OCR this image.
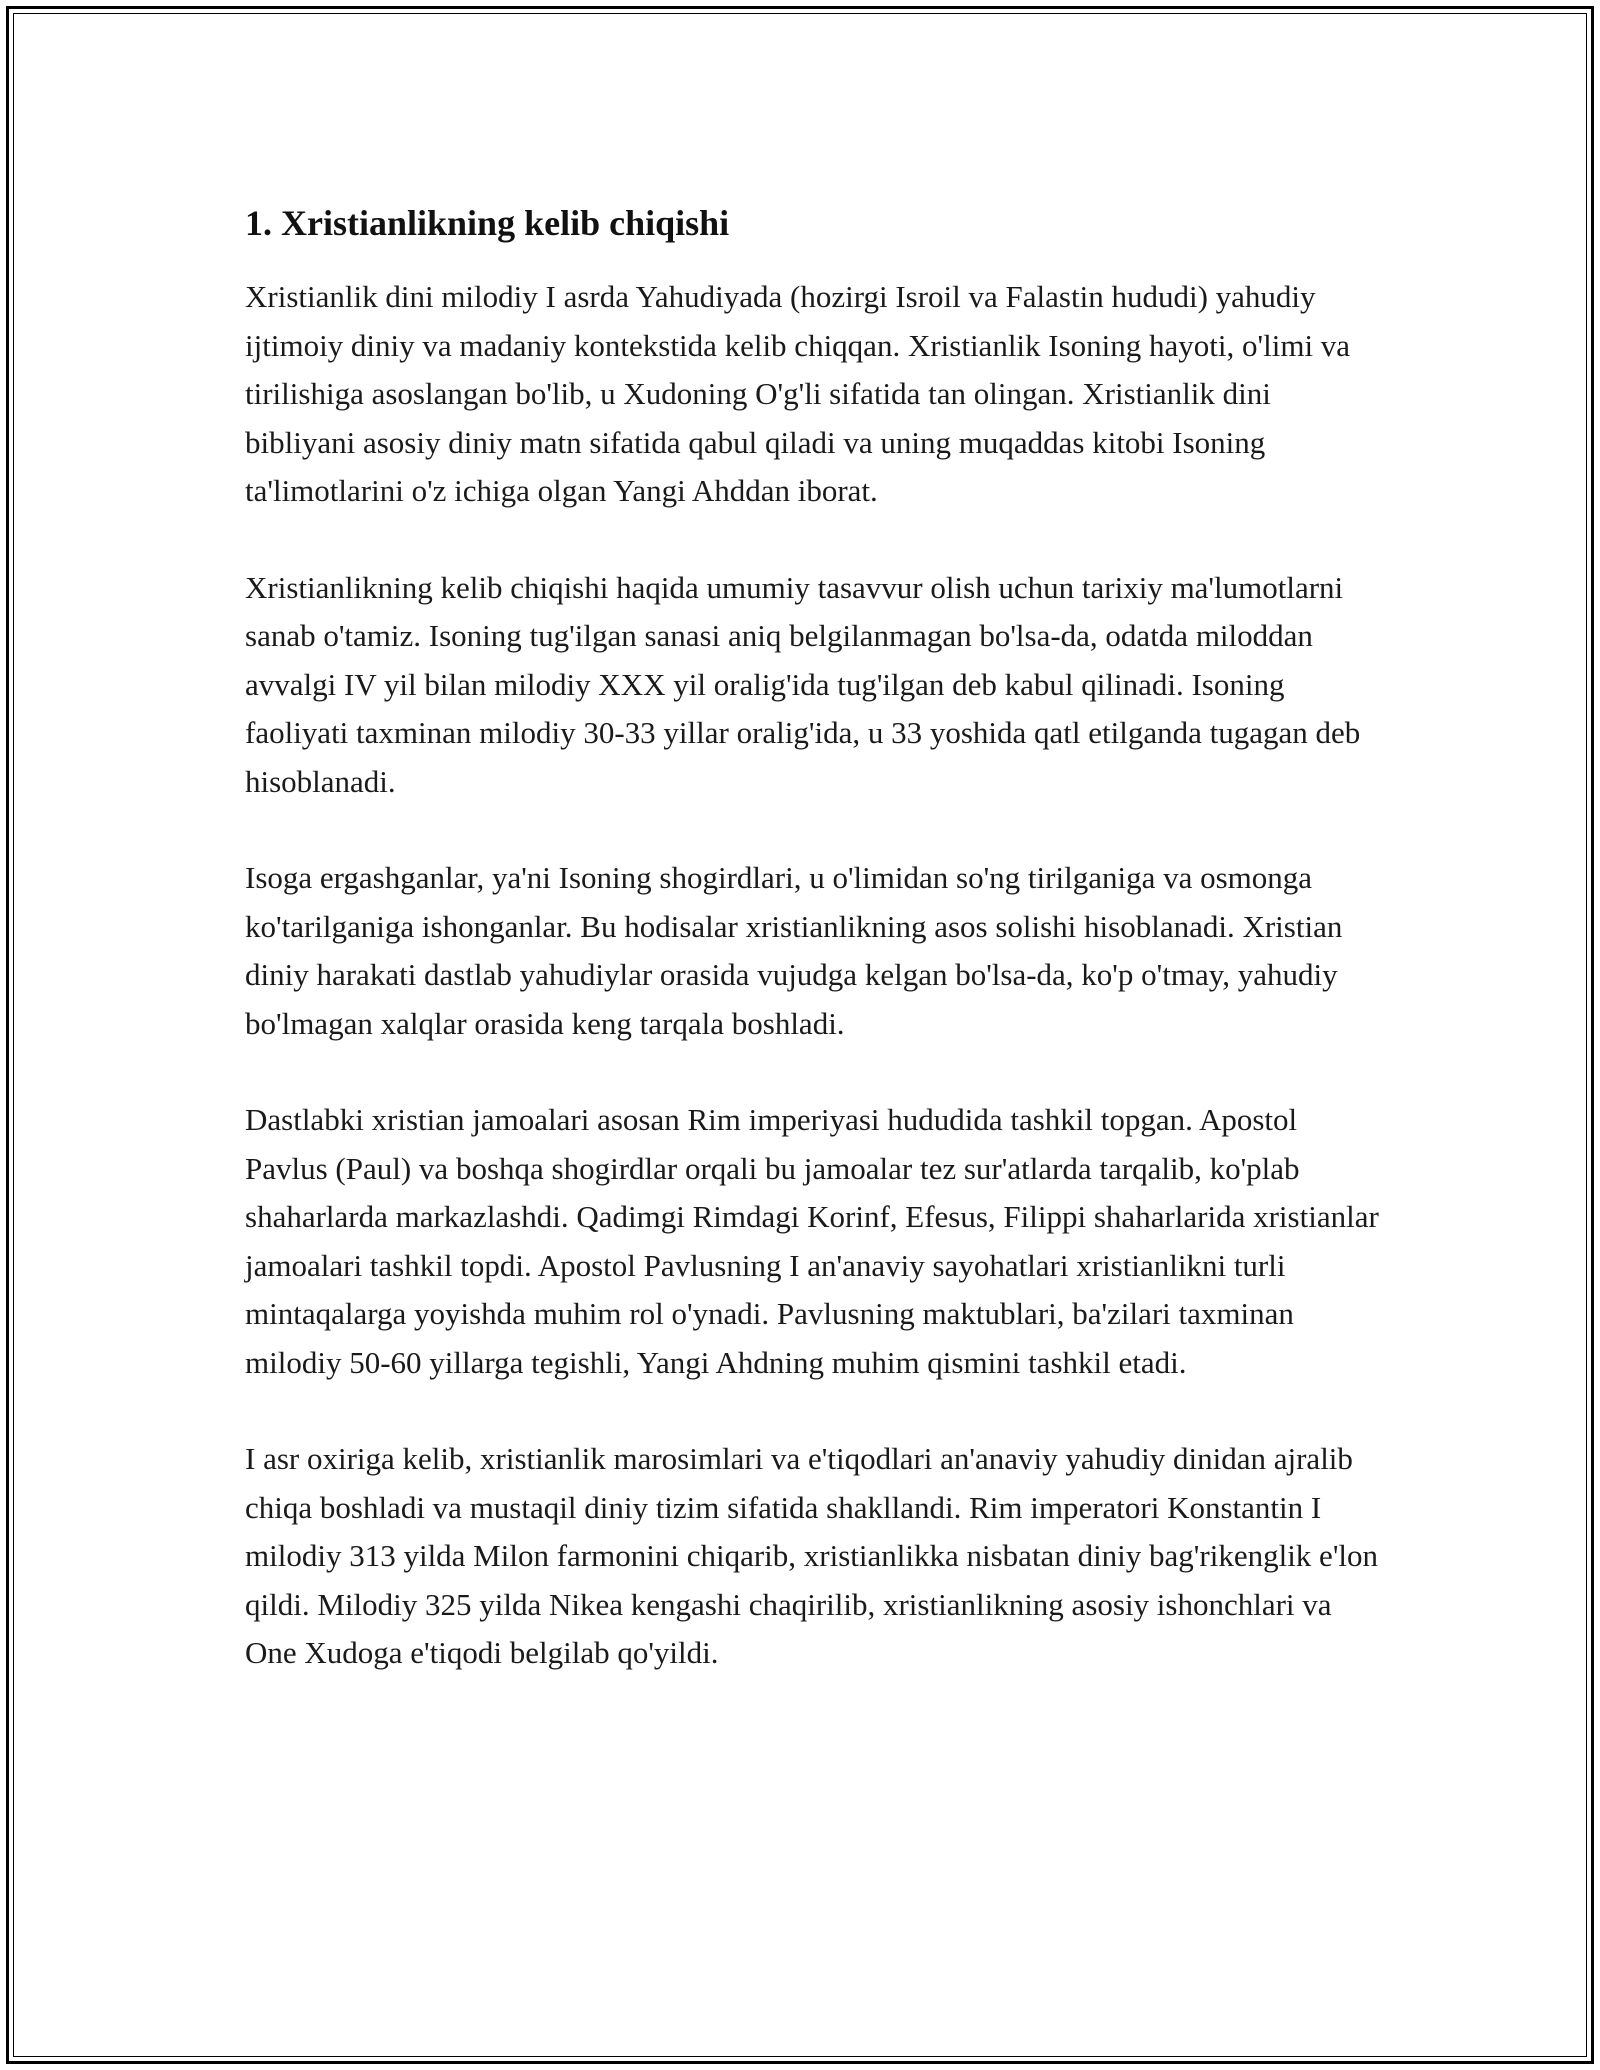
1. Xristianlikning kelib chiqishi

Xristianlik dini milodiy I asrda Yahudiyada (hozirgi Isroil va Falastin hududi) yahudiy ijtimoiy diniy va madaniy kontekstida kelib chiqqan. Xristianlik Isoning hayoti, o'limi va tirilishiga asoslangan bo'lib, u Xudoning O'g'li sifatida tan olingan. Xristianlik dini bibliyani asosiy diniy matn sifatida qabul qiladi va uning muqaddas kitobi Isoning ta'limotlarini o'z ichiga olgan Yangi Ahddan iborat.

Xristianlikning kelib chiqishi haqida umumiy tasavvur olish uchun tarixiy ma'lumotlarni sanab o'tamiz. Isoning tug'ilgan sanasi aniq belgilanmagan bo'lsa-da, odatda miloddan avvalgi IV yil bilan milodiy XXX yil oralig'ida tug'ilgan deb kabul qilinadi. Isoning faoliyati taxminan milodiy 30-33 yillar oralig'ida, u 33 yoshida qatl etilganda tugagan deb hisoblanadi.

Isoga ergashganlar, ya'ni Isoning shogirdlari, u o'limidan so'ng tirilganiga va osmonga ko'tarilganiga ishonganlar. Bu hodisalar xristianlikning asos solishi hisoblanadi. Xristian diniy harakati dastlab yahudiylar orasida vujudga kelgan bo'lsa-da, ko'p o'tmay, yahudiy bo'lmagan xalqlar orasida keng tarqala boshladi.

Dastlabki xristian jamoalari asosan Rim imperiyasi hududida tashkil topgan. Apostol Pavlus (Paul) va boshqa shogirdlar orqali bu jamoalar tez sur'atlarda tarqalib, ko'plab shaharlarda markazlashdi. Qadimgi Rimdagi Korinf, Efesus, Filippi shaharlarida xristianlar jamoalari tashkil topdi. Apostol Pavlusning I an'anaviy sayohatlari xristianlikni turli mintaqalarga yoyishda muhim rol o'ynadi. Pavlusning maktublari, ba'zilari taxminan milodiy 50-60 yillarga tegishli, Yangi Ahdning muhim qismini tashkil etadi.

I asr oxiriga kelib, xristianlik marosimlari va e'tiqodlari an'anaviy yahudiy dinidan ajralib chiqa boshladi va mustaqil diniy tizim sifatida shakllandi. Rim imperatori Konstantin I milodiy 313 yilda Milon farmonini chiqarib, xristianlikka nisbatan diniy bag'rikenglik e'lon qildi. Milodiy 325 yilda Nikea kengashi chaqirilib, xristianlikning asosiy ishonchlari va One Xudoga e'tiqodi belgilab qo'yildi.
